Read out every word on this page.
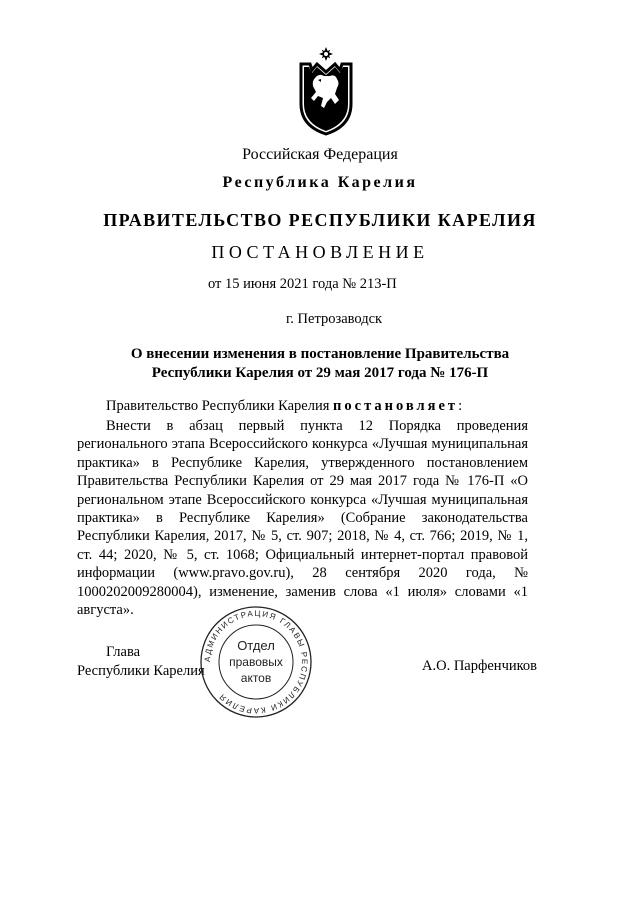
Российская Федерация
Республика Карелия
ПРАВИТЕЛЬСТВО РЕСПУБЛИКИ КАРЕЛИЯ
ПОСТАНОВЛЕНИЕ
от 15 июня 2021 года № 213-П
г. Петрозаводск
О внесении изменения в постановление Правительства
Республики Карелия от 29 мая 2017 года № 176-П
Правительство Республики Карелия постановляет:

Внести в абзац первый пункта 12 Порядка проведения регионального этапа Всероссийского конкурса «Лучшая муниципальная практика» в Республике Карелия, утвержденного постановлением Правительства Республики Карелия от 29 мая 2017 года № 176-П «О региональном этапе Всероссийского конкурса «Лучшая муниципальная практика» в Республике Карелия» (Собрание законодательства Республики Карелия, 2017, № 5, ст. 907; 2018, № 4, ст. 766; 2019, № 1, ст. 44; 2020, № 5, ст. 1068; Официальный интернет-портал правовой информации (www.pravo.gov.ru), 28 сентября 2020 года, № 1000202009280004), изменение, заменив слова «1 июля» словами «1 августа».

Глава
Республики Карелия
АДМИНИСТРАЦИЯ ГЛАВЫ РЕСПУБЛИКИ КАРЕЛИЯ
Отдел
правовых
актов
А.О. Парфенчиков
